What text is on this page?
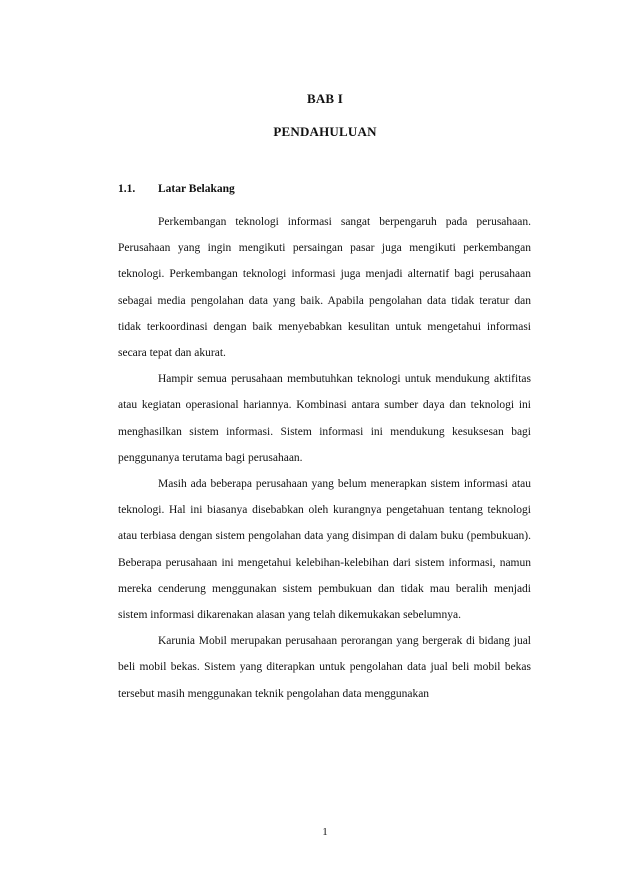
BAB I
PENDAHULUAN
1.1. Latar Belakang

Perkembangan teknologi informasi sangat berpengaruh pada perusahaan. Perusahaan yang ingin mengikuti persaingan pasar juga mengikuti perkembangan teknologi. Perkembangan teknologi informasi juga menjadi alternatif bagi perusahaan sebagai media pengolahan data yang baik. Apabila pengolahan data tidak teratur dan tidak terkoordinasi dengan baik menyebabkan kesulitan untuk mengetahui informasi secara tepat dan akurat.

Hampir semua perusahaan membutuhkan teknologi untuk mendukung aktifitas atau kegiatan operasional hariannya. Kombinasi antara sumber daya dan teknologi ini menghasilkan sistem informasi. Sistem informasi ini mendukung kesuksesan bagi penggunanya terutama bagi perusahaan.

Masih ada beberapa perusahaan yang belum menerapkan sistem informasi atau teknologi. Hal ini biasanya disebabkan oleh kurangnya pengetahuan tentang teknologi atau terbiasa dengan sistem pengolahan data yang disimpan di dalam buku (pembukuan). Beberapa perusahaan ini mengetahui kelebihan-kelebihan dari sistem informasi, namun mereka cenderung menggunakan sistem pembukuan dan tidak mau beralih menjadi sistem informasi dikarenakan alasan yang telah dikemukakan sebelumnya.

Karunia Mobil merupakan perusahaan perorangan yang bergerak di bidang jual beli mobil bekas. Sistem yang diterapkan untuk pengolahan data jual beli mobil bekas tersebut masih menggunakan teknik pengolahan data menggunakan

1
